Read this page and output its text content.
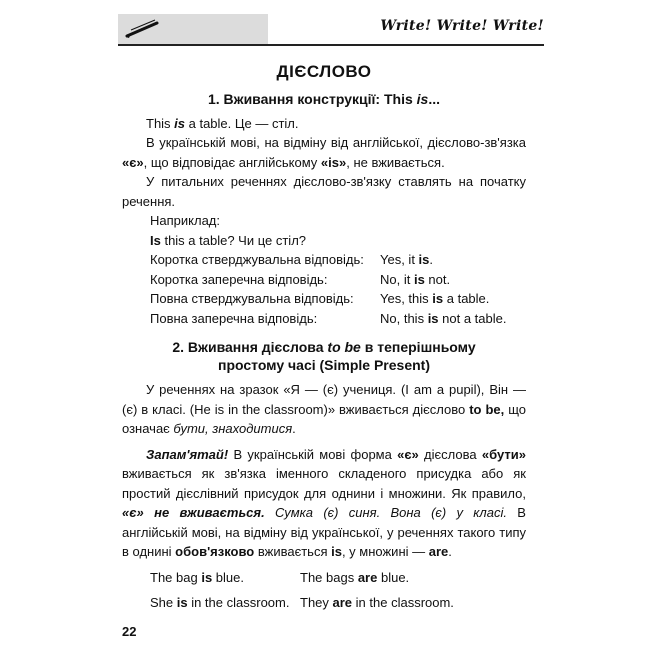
Write! Write! Write!
ДІЄСЛОВО
1. Вживання конструкції: This is...

This is a table. Це — стіл.

В українській мові, на відміну від англійської, дієслово-зв'язка «є», що відповідає англійському «is», не вживається.

У питальних реченнях дієслово-зв'язку ставлять на початку речення.

Наприклад:

Is this a table? Чи це стіл?

Коротка стверджувальна відповідь:	Yes, it is.
Коротка заперечна відповідь:	No, it is not.
Повна стверджувальна відповідь:	Yes, this is a table.
Повна заперечна відповідь:	No, this is not a table.
2. Вживання дієслова to be в теперішньому
простому часі (Simple Present)

У реченнях на зразок «Я — (є) учениця. (I am a pupil), Він — (є) в класі. (He is in the classroom)» вживається дієслово to be, що означає бути, знаходитися.

Запам'ятай! В українській мові форма «є» дієслова «бути» вживається як зв'язка іменного складеного присудка або як простий дієслівний присудок для однини і множини. Як правило, «є» не вживається. Сумка (є) синя. Вона (є) у класі. В англійській мові, на відміну від української, у реченнях такого типу в однині обов'язково вживається is, у множині — are.

The bag is blue.	The bags are blue.
She is in the classroom. They are in the classroom.
22
